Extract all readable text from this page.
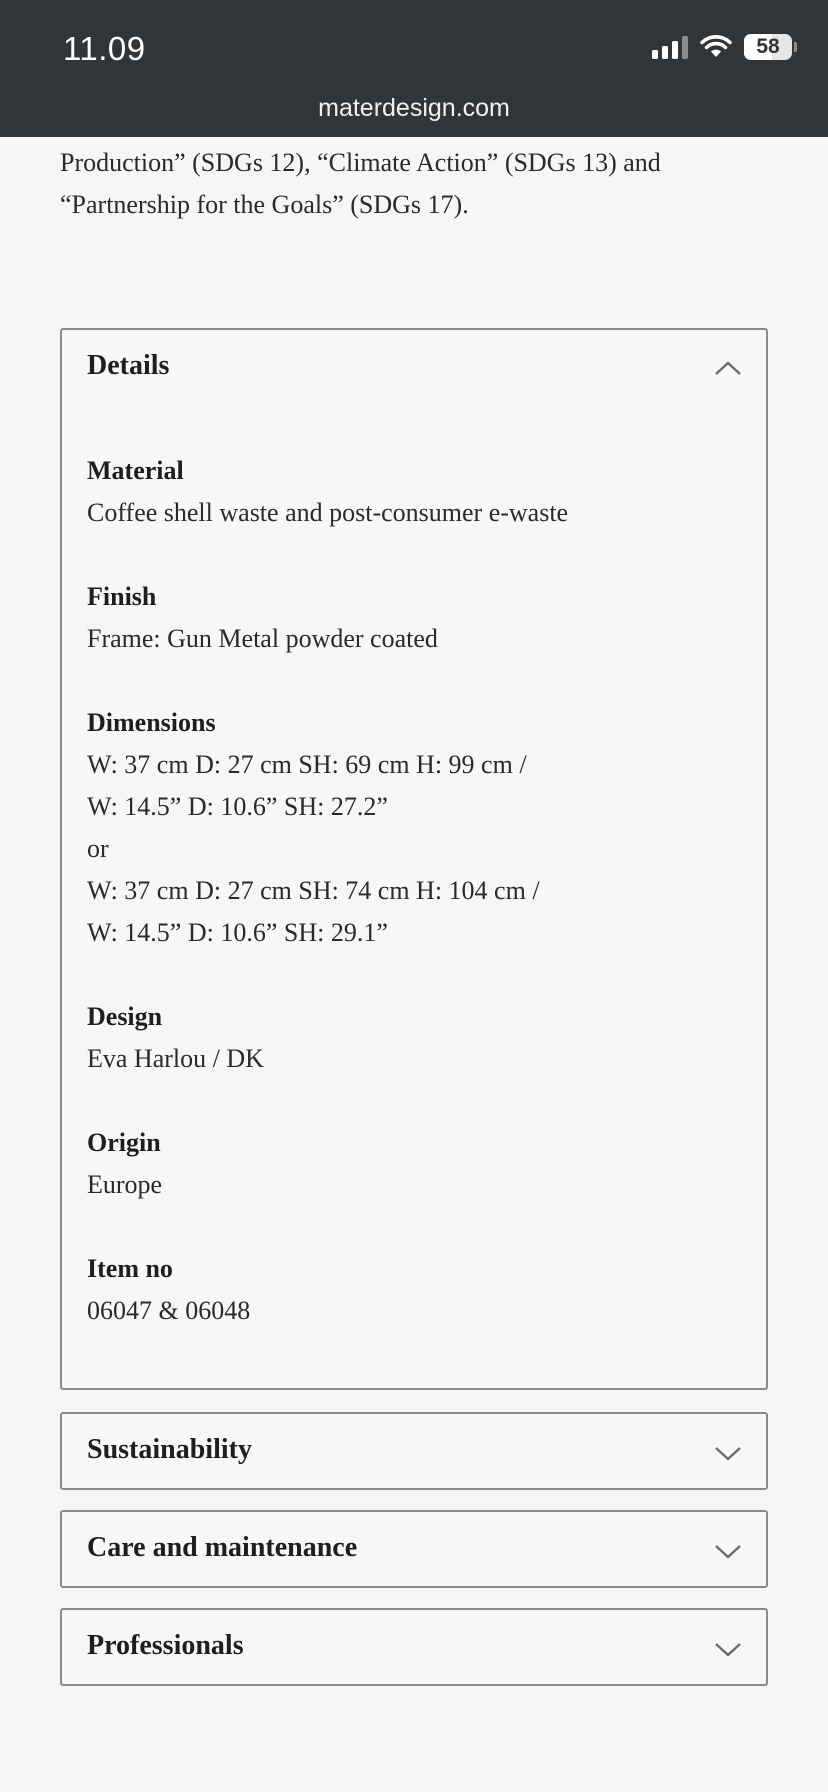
11.09	58
materdesign.com

Production” (SDGs 12), “Climate Action” (SDGs 13) and
“Partnership for the Goals” (SDGs 17).

Details
Material
Coffee shell waste and post-consumer e-waste
Finish
Frame: Gun Metal powder coated
Dimensions
W: 37 cm D: 27 cm SH: 69 cm H: 99 cm /
W: 14.5” D: 10.6” SH: 27.2”
or
W: 37 cm D: 27 cm SH: 74 cm H: 104 cm /
W: 14.5” D: 10.6” SH: 29.1”
Design
Eva Harlou / DK
Origin
Europe
Item no
06047 & 06048
Sustainability
Care and maintenance
Professionals
